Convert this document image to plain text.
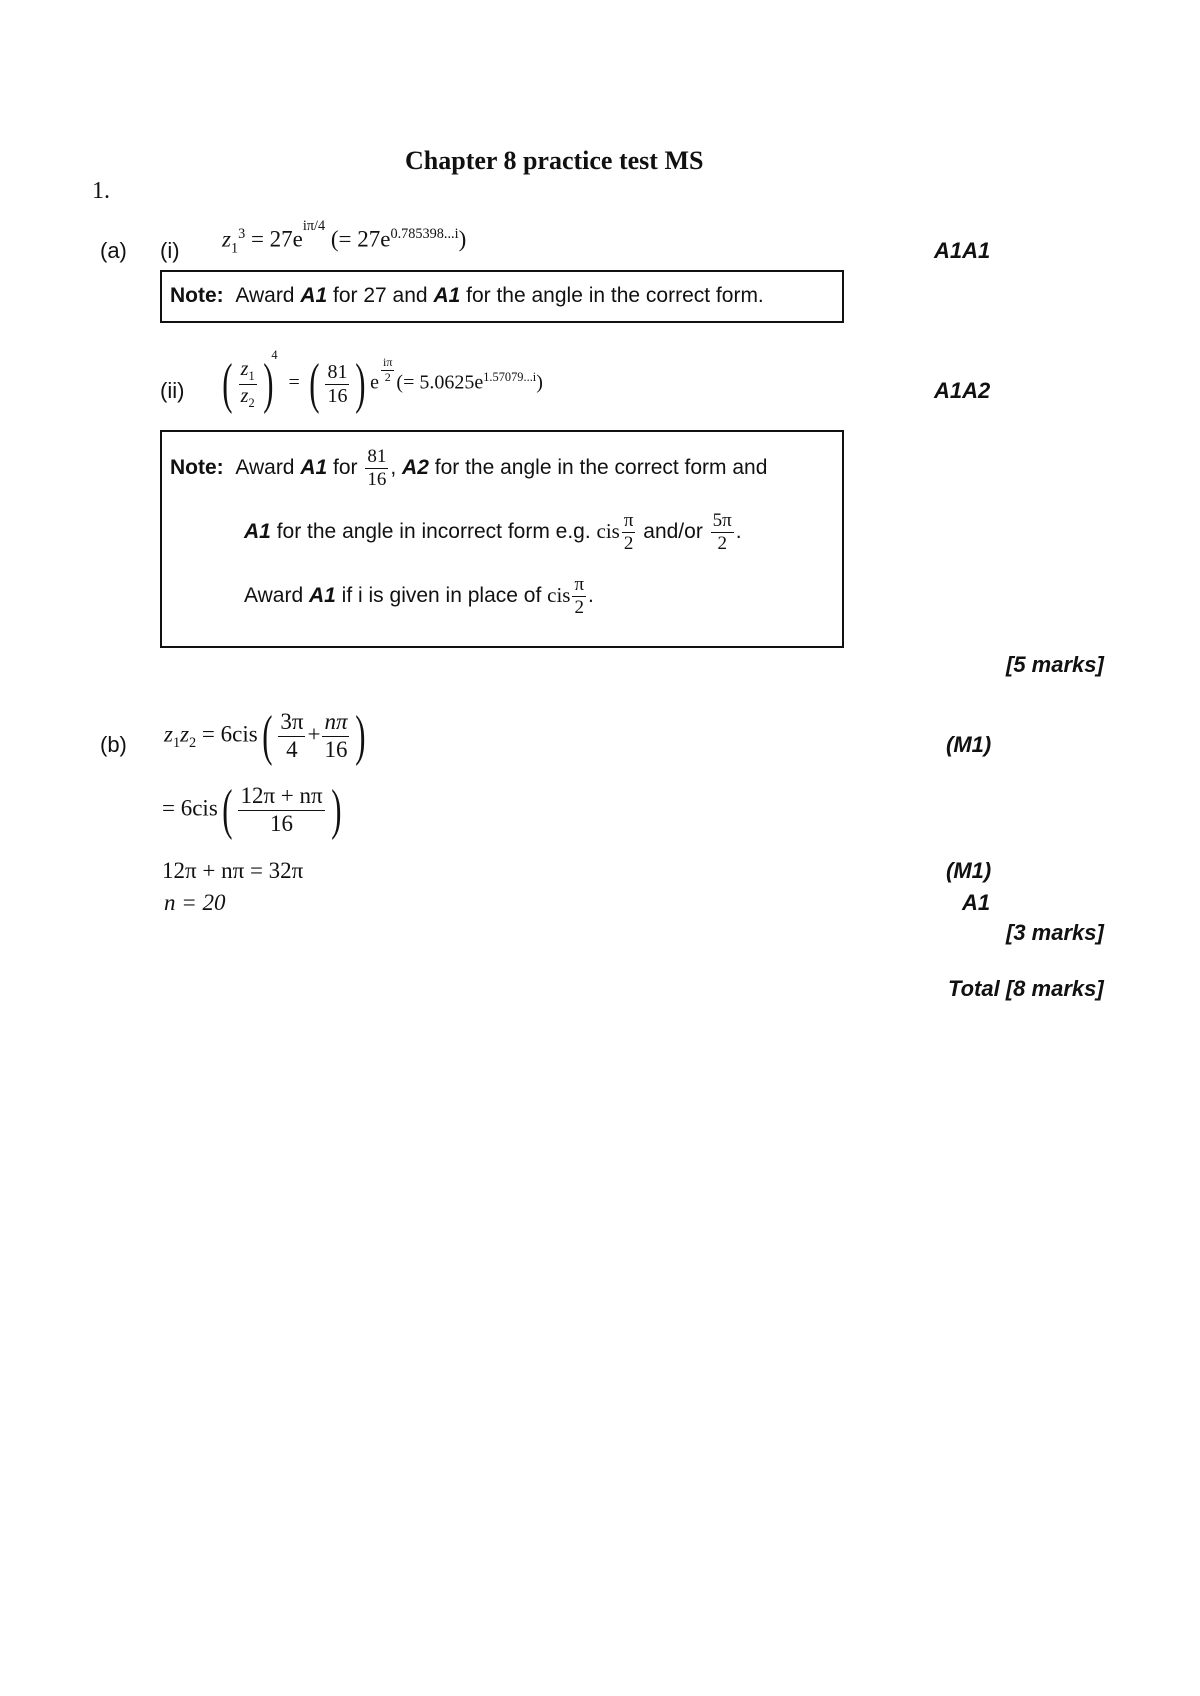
Chapter 8 practice test MS
1.
(a) (i) $z_1^3 = 27e^{i\pi/4}$ (= $27e^{0.785398...i}$)	A1A1
Note: Award A1 for 27 and A1 for the angle in the correct form.
(ii) ( $\frac{z_1}{z_2} )^4$ = ( $\frac{81}{16}$ ) e $\frac{i\pi}{2}$ (= $5.0625e^{1.57079...i}$)	A1A2
Note: Award A1 for $\frac{81}{16}$ , A2 for the angle in the correct form and
A1 for the angle in incorrect form e.g. cis $\frac{\pi}{2} and/or \frac{5\pi}{2}$ .
Award A1 if i is given in place of cis $\frac{\pi}{2}$ .
[5 marks]
(b) $z_1z_2 = 6cis( \frac{3\pi}{4} + \frac{n\pi}{16}$ )	(M1)
= $6cis( \frac{12\pi + n\pi}{16}$ )
12π + nπ = 32π	(M1)
n = 20	A1
[3 marks]
Total [8 marks]
